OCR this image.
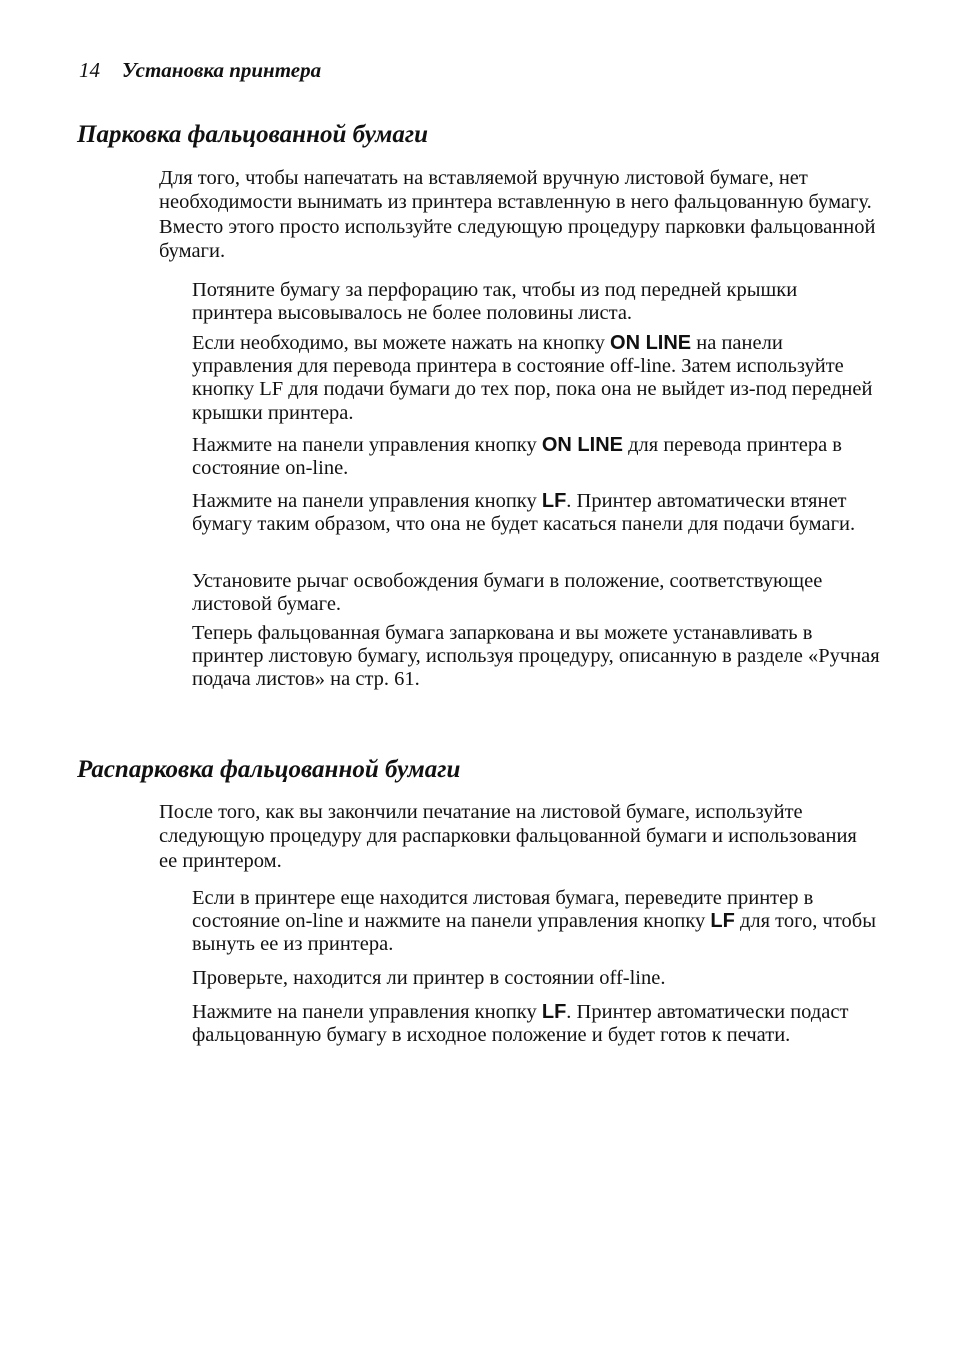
14 Установка принтера
Парковка фальцованной бумаги

Для того, чтобы напечатать на вставляемой вручную листовой бумаге, нет необходимости вынимать из принтера вставленную в него фальцованную бумагу. Вместо этого просто используйте следующую процедуру парковки фальцованной бумаги.

Потяните бумагу за перфорацию так, чтобы из под передней крышки принтера высовывалось не более половины листа.

Если необходимо, вы можете нажать на кнопку ON LINE на панели управления для перевода принтера в состояние off-line. Затем используйте кнопку LF для подачи бумаги до тех пор, пока она не выйдет из-под передней крышки принтера.

Нажмите на панели управления кнопку ON LINE для перевода принтера в состояние on-line.

Нажмите на панели управления кнопку LF. Принтер автоматически втянет бумагу таким образом, что она не будет касаться панели для подачи бумаги.

Установите рычаг освобождения бумаги в положение, соответствующее листовой бумаге.

Теперь фальцованная бумага запаркована и вы можете устанавливать в принтер листовую бумагу, используя процедуру, описанную в разделе «Ручная подача листов» на стр. 61.

Распарковка фальцованной бумаги

После того, как вы закончили печатание на листовой бумаге, используйте следующую процедуру для распарковки фальцованной бумаги и использования ее принтером.

Если в принтере еще находится листовая бумага, переведите принтер в состояние on-line и нажмите на панели управления кнопку LF для того, чтобы вынуть ее из принтера.

Проверьте, находится ли принтер в состоянии off-line.

Нажмите на панели управления кнопку LF. Принтер автоматически подаст фальцованную бумагу в исходное положение и будет готов к печати.
